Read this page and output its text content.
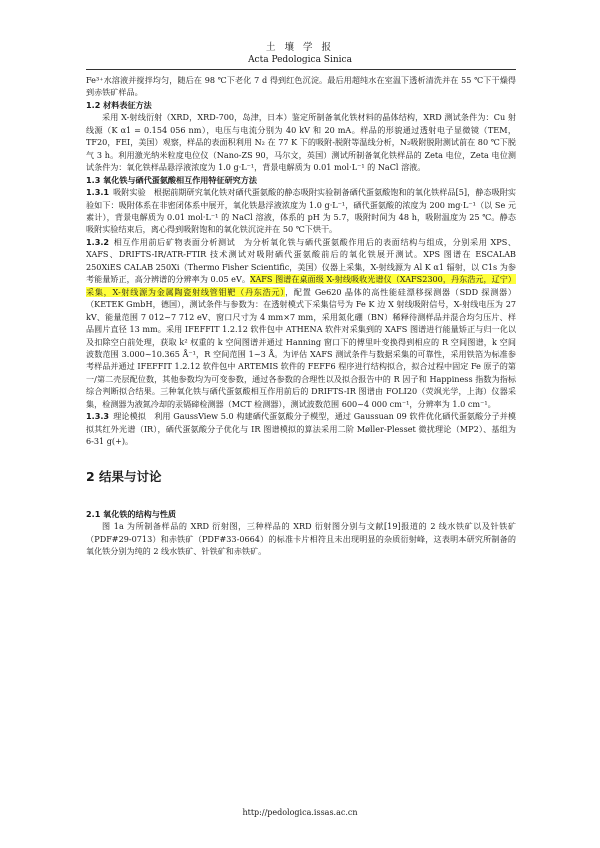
土 壤 学 报
Acta Pedologica Sinica

Fe³⁺水溶液并搅拌均匀，随后在 98 ℃下老化 7 d 得到红色沉淀。最后用超纯水在室温下透析清洗并在 55 ℃下干燥得到赤铁矿样品。

1.2 材料表征方法

采用 X-射线衍射（XRD，XRD-700，岛津，日本）鉴定所制备氧化铁材料的晶体结构，XRD 测试条件为：Cu 射线源（K α1 = 0.154 056 nm），电压与电流分别为 40 kV 和 20 mA。样品的形貌通过透射电子显微镜（TEM，TF20，FEI，美国）观察，样品的表面积利用 N₂ 在 77 K 下的吸附-脱附等温线分析，N₂吸附脱附测试前在 80 ℃下脱气 3 h。利用激光纳米粒度电位仪（Nano-ZS 90，马尔文，英国）测试所制备氧化铁样品的 Zeta 电位，Zeta 电位测试条件为：氧化铁样品悬浮液浓度为 1.0 g·L⁻¹，背景电解质为 0.01 mol·L⁻¹ 的 NaCl 溶液。

1.3 氧化铁与硒代蛋氨酸相互作用特征研究方法

1.3.1  吸附实验  根据前期研究氧化铁对硒代蛋氨酸的静态吸附实验制备硒代蛋氨酸饱和的氧化铁样品[5]，静态吸附实验如下：吸附体系在非密闭体系中展开，氧化铁悬浮液浓度为 1.0 g·L⁻¹，硒代蛋氨酸的浓度为 200 mg·L⁻¹（以 Se 元素计），背景电解质为 0.01 mol·L⁻¹ 的 NaCl 溶液，体系的 pH 为 5.7，吸附时间为 48 h，吸附温度为 25 ℃。静态吸附实验结束后，离心得到吸附饱和的氧化铁沉淀并在 50 ℃下烘干。

1.3.2  相互作用前后矿物表面分析测试  为分析氧化铁与硒代蛋氨酸作用后的表面结构与组成，分别采用 XPS、XAFS、DRIFTS-IR/ATR-FTIR 技术测试对吸附硒代蛋氨酸前后的氧化铁展开测试。XPS 图谱在 ESCALAB 250XiES CALAB 250Xi（Thermo Fisher Scientific，美国）仪器上采集，X-射线源为 Al K α1 辐射，以 C1s 为参考能量矫正，高分辨谱的分辨率为 0.05 eV。XAFS 图谱在桌面级 X-射线吸收光谱仪（XAFS2300，丹东浩元，辽宁）采集，X-射线源为金属陶瓷射线管钼靶（丹东浩元），配置 Ge620 晶体的高性能硅漂移探测器（SDD 探测器）（KETEK GmbH，德国），测试条件与参数为：在透射模式下采集信号为 Fe K 边 X 射线吸附信号，X-射线电压为 27 kV、能量范围 7 012~7 712 eV、窗口尺寸为 4 mm×7 mm，采用氮化硼（BN）稀释待测样品并混合均匀压片、样品圆片直径 13 mm。采用 IFEFFIT 1.2.12 软件包中 ATHENA 软件对采集到的 XAFS 图谱进行能量矫正与归一化以及扣除空白前处理，获取 k² 权重的 k 空间图谱并通过 Hanning 窗口下的傅里叶变换得到相应的 R 空间图谱，k 空间波数范围 3.000~10.365 Å⁻¹，R 空间范围 1~3 Å。为评估 XAFS 测试条件与数据采集的可靠性，采用铁箔为标准参考样品并通过 IFEFFIT 1.2.12 软件包中 ARTEMIS 软件的 FEFF6 程序进行结构拟合，拟合过程中固定 Fe 原子的第一/第二壳层配位数，其他参数均为可变参数，通过各参数的合理性以及拟合报告中的 R 因子和 Happiness 指数为指标综合判断拟合结果。三种氧化铁与硒代蛋氨酸相互作用前后的 DRIFTS-IR 图谱由 FOLI20（荧飒光学，上海）仪器采集，检测器为液氮冷却的汞镉碲检测器（MCT 检测器），测试波数范围 600~4 000 cm⁻¹，分辨率为 1.0 cm⁻¹。

1.3.3  理论模拟  利用 GaussView 5.0 构建硒代蛋氨酸分子模型，通过 Gaussuan 09 软件优化硒代蛋氨酸分子并模拟其红外光谱（IR），硒代蛋氨酸分子优化与 IR 图谱模拟的算法采用二阶 Møller-Plesset 微扰理论（MP2）、基组为 6-31 g(+)。

2 结果与讨论

2.1 氧化铁的结构与性质

图 1a 为所制备样品的 XRD 衍射图，三种样品的 XRD 衍射图分别与文献[19]报道的 2 线水铁矿以及针铁矿（PDF#29-0713）和赤铁矿（PDF#33-0664）的标准卡片相符且未出现明显的杂质衍射峰，这表明本研究所制备的氧化铁分别为纯的 2 线水铁矿、针铁矿和赤铁矿。

http://pedologica.issas.ac.cn
